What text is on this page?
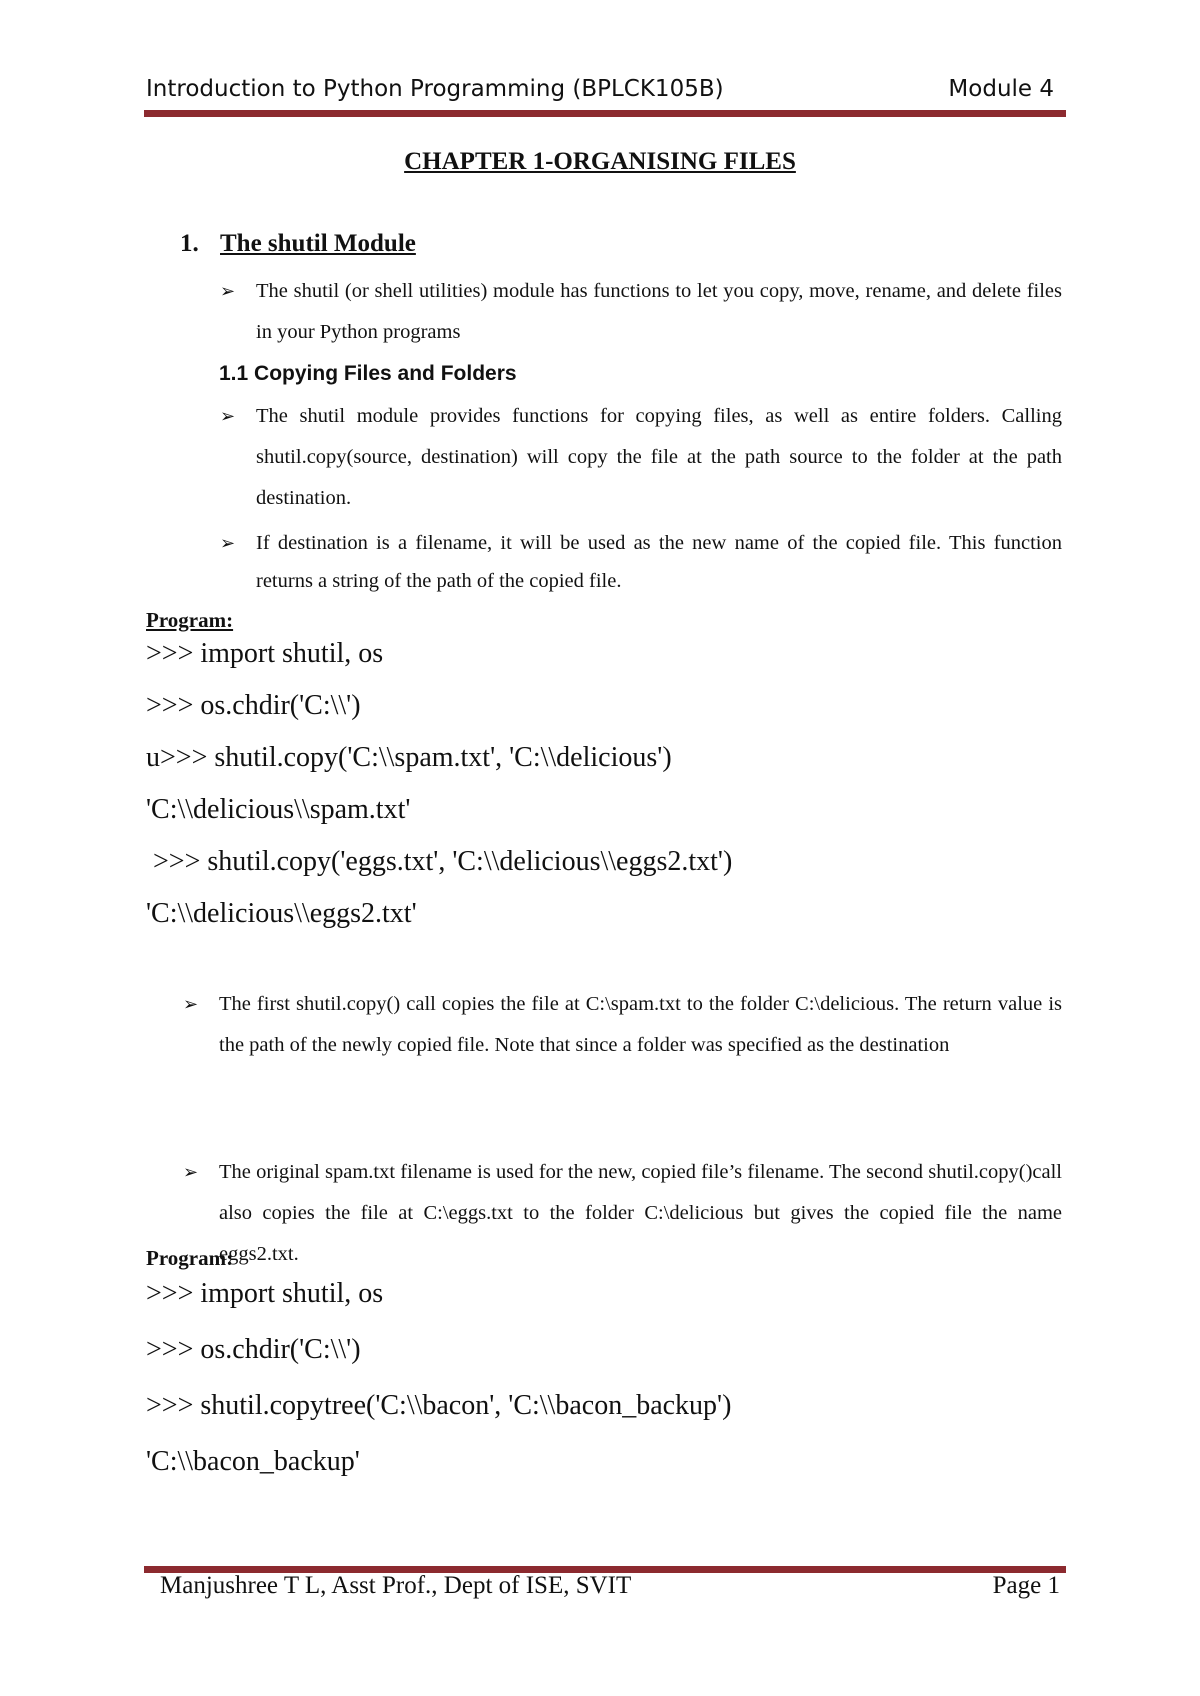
Introduction to Python Programming (BPLCK105B)	Module 4
CHAPTER 1-ORGANISING FILES
1. The shutil Module
➢ The shutil (or shell utilities) module has functions to let you copy, move, rename, and delete files in your Python programs
1.1 Copying Files and Folders
➢ The shutil module provides functions for copying files, as well as entire folders. Calling shutil.copy(source, destination) will copy the file at the path source to the folder at the path destination.
➢ If destination is a filename, it will be used as the new name of the copied file. This function returns a string of the path of the copied file.
Program:
>>> import shutil, os
>>> os.chdir('C:\\')
u>>> shutil.copy('C:\\spam.txt', 'C:\\delicious')
'C:\\delicious\\spam.txt'
>>> shutil.copy('eggs.txt', 'C:\\delicious\\eggs2.txt')
'C:\\delicious\\eggs2.txt'
➢ The first shutil.copy() call copies the file at C:\spam.txt to the folder C:\delicious. The return value is the path of the newly copied file. Note that since a folder was specified as the destination
➢ The original spam.txt filename is used for the new, copied file’s filename. The second shutil.copy()call also copies the file at C:\eggs.txt to the folder C:\delicious but gives the copied file the name eggs2.txt.
Program:
>>> import shutil, os
>>> os.chdir('C:\\')
>>> shutil.copytree('C:\\bacon', 'C:\\bacon_backup')
'C:\\bacon_backup'
Manjushree T L, Asst Prof., Dept of ISE, SVIT	Page 1
